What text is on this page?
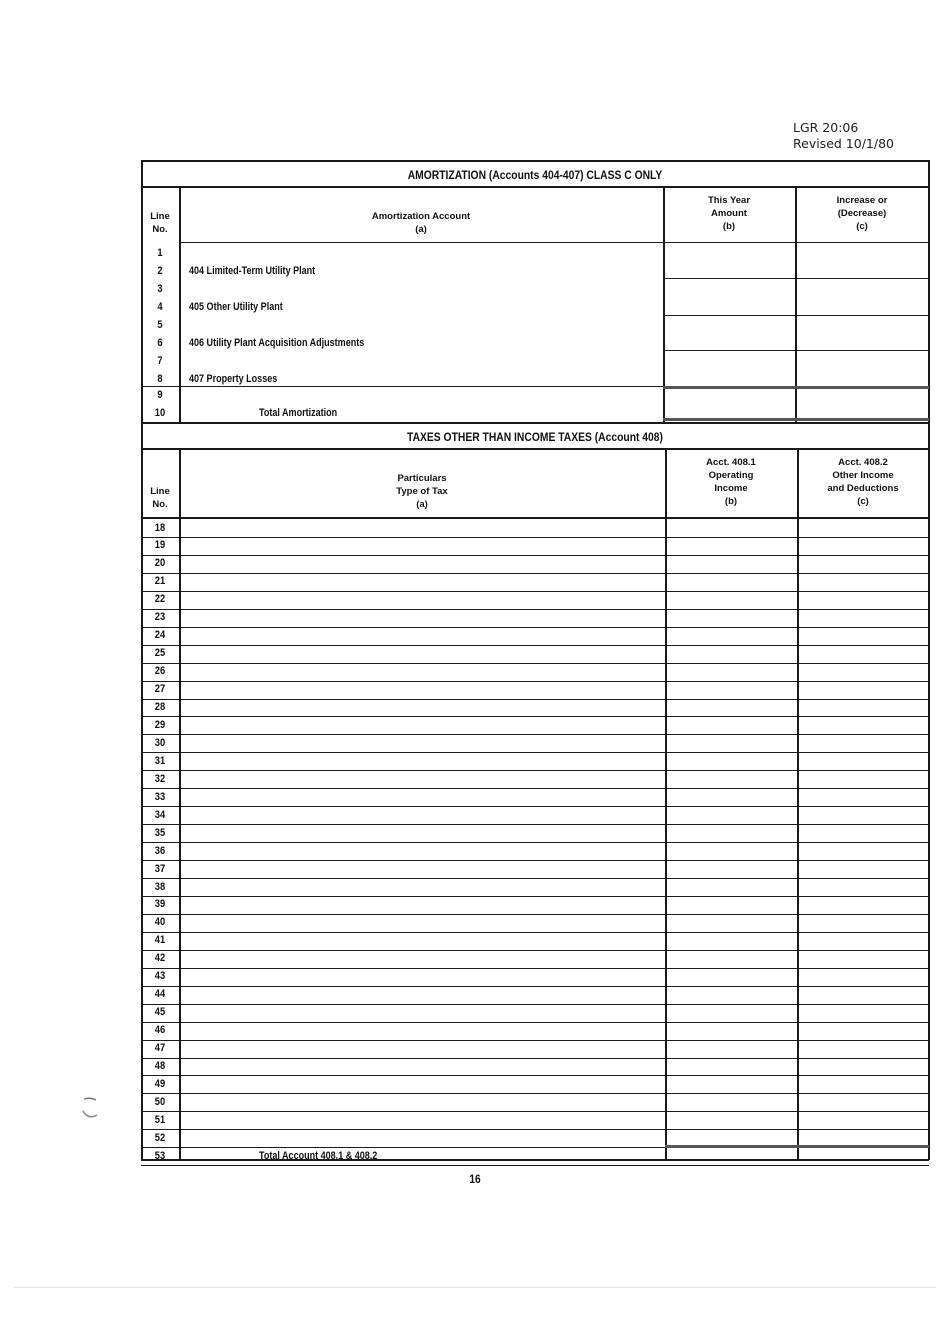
LGR 20:06
Revised 10/1/80
AMORTIZATION (Accounts 404-407) CLASS C ONLY
Line
No.
Amortization Account
(a)
This Year
Amount
(b)
Increase or
(Decrease)
(c)
1
2	404 Limited-Term Utility Plant
3
4	405 Other Utility Plant
5
6	406 Utility Plant Acquisition Adjustments
7
8	407 Property Losses
9
10	Total Amortization
TAXES OTHER THAN INCOME TAXES (Account 408)
Line
No.
Particulars
Type of Tax
(a)
Acct. 408.1
Operating
Income
(b)
Acct. 408.2
Other Income
and Deductions
(c)
18
19
20
21
22
23
24
25
26
27
28
29
30
31
32
33
34
35
36
37
38
39
40
41
42
43
44
45
46
47
48
49
50
51
52
53	Total Account 408.1 & 408.2
16
